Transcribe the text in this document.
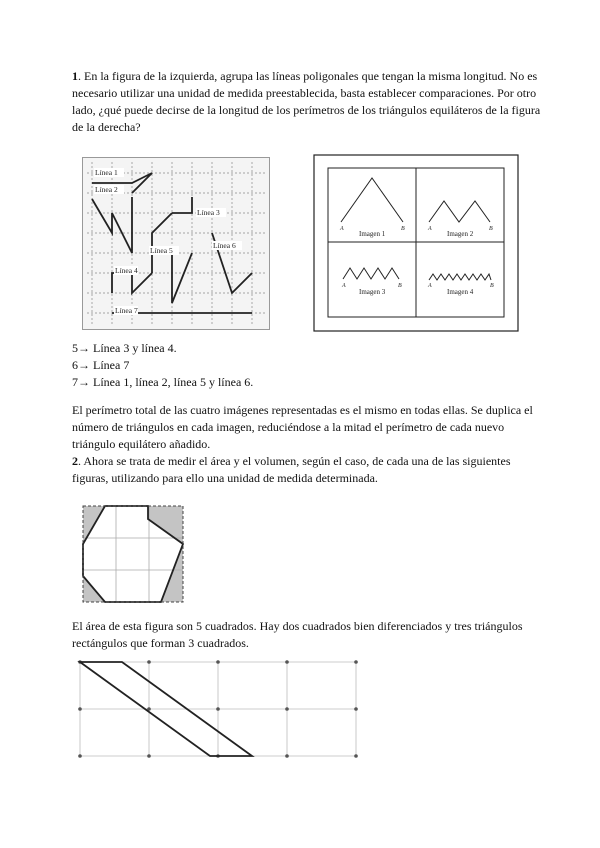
1. En la figura de la izquierda, agrupa las líneas poligonales que tengan la misma longitud. No es necesario utilizar una unidad de medida preestablecida, basta establecer comparaciones. Por otro lado, ¿qué puede decirse de la longitud de los perímetros de los triángulos equiláteros de la figura de la derecha?

Línea 1
Línea 2
Línea 3
Línea 4
Línea 5
Línea 6
Línea 7
A	B	A	B
A	B	A	B
Imagen 1	Imagen 2
Imagen 3	Imagen 4

5→ Línea 3 y línea 4.

6→ Línea 7

7→ Línea 1, línea 2, línea 5 y línea 6.

El perímetro total de las cuatro imágenes representadas es el mismo en todas ellas. Se duplica el número de triángulos en cada imagen, reduciéndose a la mitad el perímetro de cada nuevo triángulo equilátero añadido.

2. Ahora se trata de medir el área y el volumen, según el caso, de cada una de las siguientes figuras, utilizando para ello una unidad de medida determinada.

El área de esta figura son 5 cuadrados. Hay dos cuadrados bien diferenciados y tres triángulos rectángulos que forman 3 cuadrados.
